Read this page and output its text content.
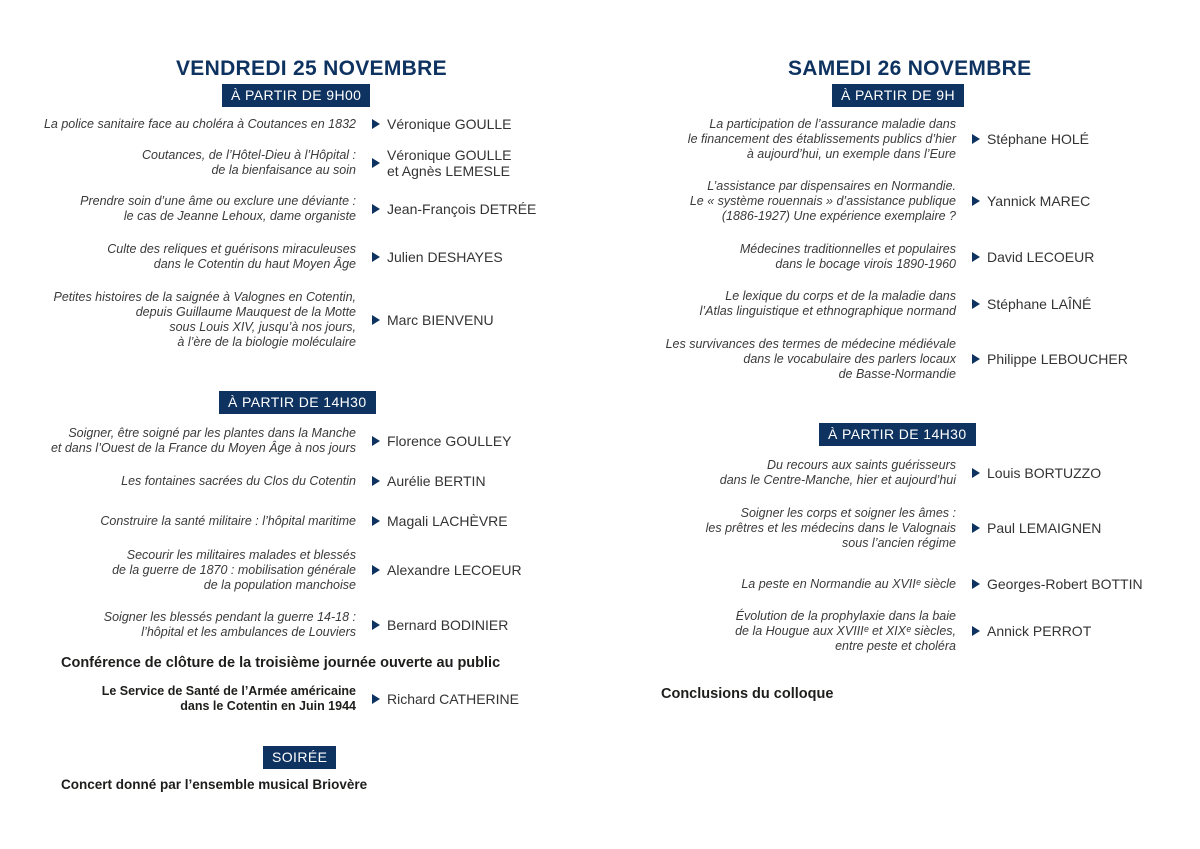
VENDREDI 25 NOVEMBRE
À PARTIR DE 9H00
La police sanitaire face au choléra à Coutances en 1832 Véronique GOULLE
Coutances, de l’Hôtel-Dieu à l’Hôpital :
de la bienfaisance au soin
Véronique GOULLE
et Agnès LEMESLE
Prendre soin d’une âme ou exclure une déviante :
le cas de Jeanne Lehoux, dame organiste Jean-François DETRÉE
Culte des reliques et guérisons miraculeuses
dans le Cotentin du haut Moyen Âge Julien DESHAYES
Petites histoires de la saignée à Valognes en Cotentin,
depuis Guillaume Mauquest de la Motte
sous Louis XIV, jusqu’à nos jours,
à l’ère de la biologie moléculaire
Marc BIENVENU
À PARTIR DE 14H30
Soigner, être soigné par les plantes dans la Manche
et dans l’Ouest de la France du Moyen Âge à nos jours Florence GOULLEY
Les fontaines sacrées du Clos du Cotentin Aurélie BERTIN
Construire la santé militaire : l’hôpital maritime Magali LACHÈVRE
Secourir les militaires malades et blessés
de la guerre de 1870 : mobilisation générale
de la population manchoise
Alexandre LECOEUR
Soigner les blessés pendant la guerre 14-18 :
l’hôpital et les ambulances de Louviers Bernard BODINIER
Conférence de clôture de la troisième journée ouverte au public
Le Service de Santé de l’Armée américaine
dans le Cotentin en Juin 1944 Richard CATHERINE
SOIRÉE
Concert donné par l’ensemble musical Briovère
SAMEDI 26 NOVEMBRE
À PARTIR DE 9H
La participation de l’assurance maladie dans
le financement des établissements publics d’hier
à aujourd’hui, un exemple dans l’Eure
Stéphane HOLÉ
L’assistance par dispensaires en Normandie.
Le « système rouennais » d’assistance publique
(1886-1927) Une expérience exemplaire ?
Yannick MAREC
Médecines traditionnelles et populaires
dans le bocage virois 1890-1960 David LECOEUR
Le lexique du corps et de la maladie dans
l’Atlas linguistique et ethnographique normand Stéphane LAÎNÉ
Les survivances des termes de médecine médiévale
dans le vocabulaire des parlers locaux
de Basse-Normandie
Philippe LEBOUCHER
À PARTIR DE 14H30
Du recours aux saints guérisseurs
dans le Centre-Manche, hier et aujourd’hui Louis BORTUZZO
Soigner les corps et soigner les âmes :
les prêtres et les médecins dans le Valognais
sous l’ancien régime
Paul LEMAIGNEN
La peste en Normandie au XVIIᵉ siècle Georges-Robert BOTTIN
Évolution de la prophylaxie dans la baie
de la Hougue aux XVIIIᵉ et XIXᵉ siècles,
entre peste et choléra
Annick PERROT
Conclusions du colloque
